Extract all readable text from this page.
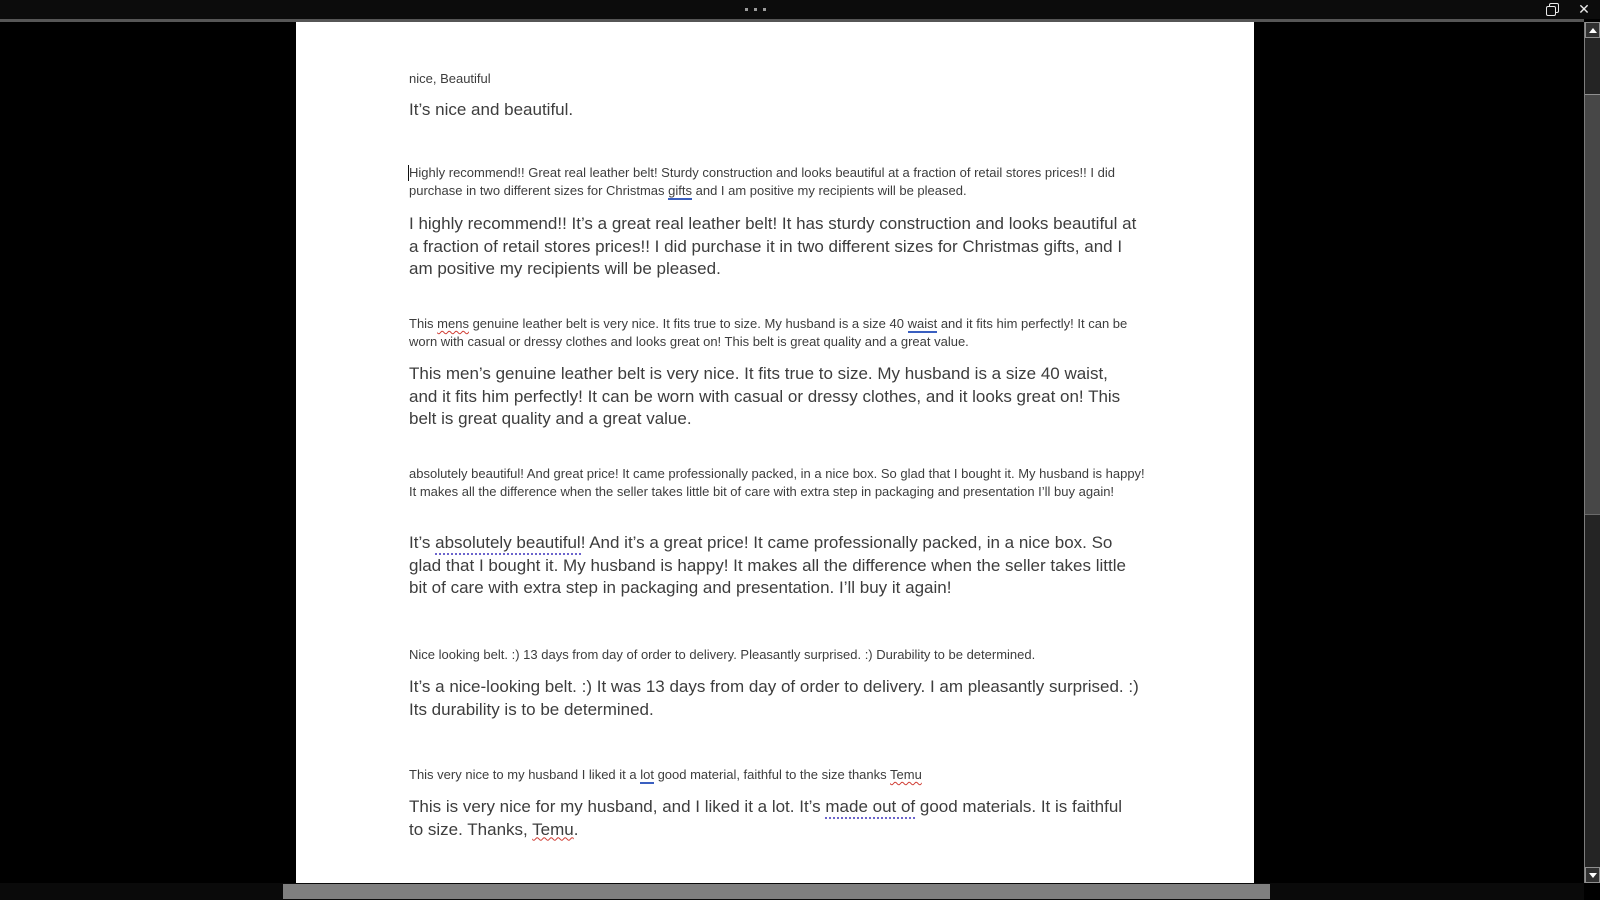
✕

nice, Beautiful

It’s nice and beautiful.

Highly recommend!! Great real leather belt! Sturdy construction and looks beautiful at a fraction of retail stores prices!! I did purchase in two different sizes for Christmas gifts and I am positive my recipients will be pleased.

I highly recommend!! It’s a great real leather belt! It has sturdy construction and looks beautiful at a fraction of retail stores prices!! I did purchase it in two different sizes for Christmas gifts, and I am positive my recipients will be pleased.

This mens genuine leather belt is very nice. It fits true to size. My husband is a size 40 waist and it fits him perfectly! It can be worn with casual or dressy clothes and looks great on! This belt is great quality and a great value.

This men’s genuine leather belt is very nice. It fits true to size. My husband is a size 40 waist, and it fits him perfectly! It can be worn with casual or dressy clothes, and it looks great on! This belt is great quality and a great value.

absolutely beautiful! And great price! It came professionally packed, in a nice box. So glad that I bought it. My husband is happy! It makes all the difference when the seller takes little bit of care with extra step in packaging and presentation I’ll buy again!

It’s absolutely beautiful! And it’s a great price! It came professionally packed, in a nice box. So glad that I bought it. My husband is happy! It makes all the difference when the seller takes little bit of care with extra step in packaging and presentation. I’ll buy it again!

Nice looking belt. :) 13 days from day of order to delivery. Pleasantly surprised. :) Durability to be determined.

It’s a nice-looking belt. :) It was 13 days from day of order to delivery. I am pleasantly surprised. :) Its durability is to be determined.

This very nice to my husband I liked it a lot good material, faithful to the size thanks Temu

This is very nice for my husband, and I liked it a lot. It’s made out of good materials. It is faithful to size. Thanks, Temu.
